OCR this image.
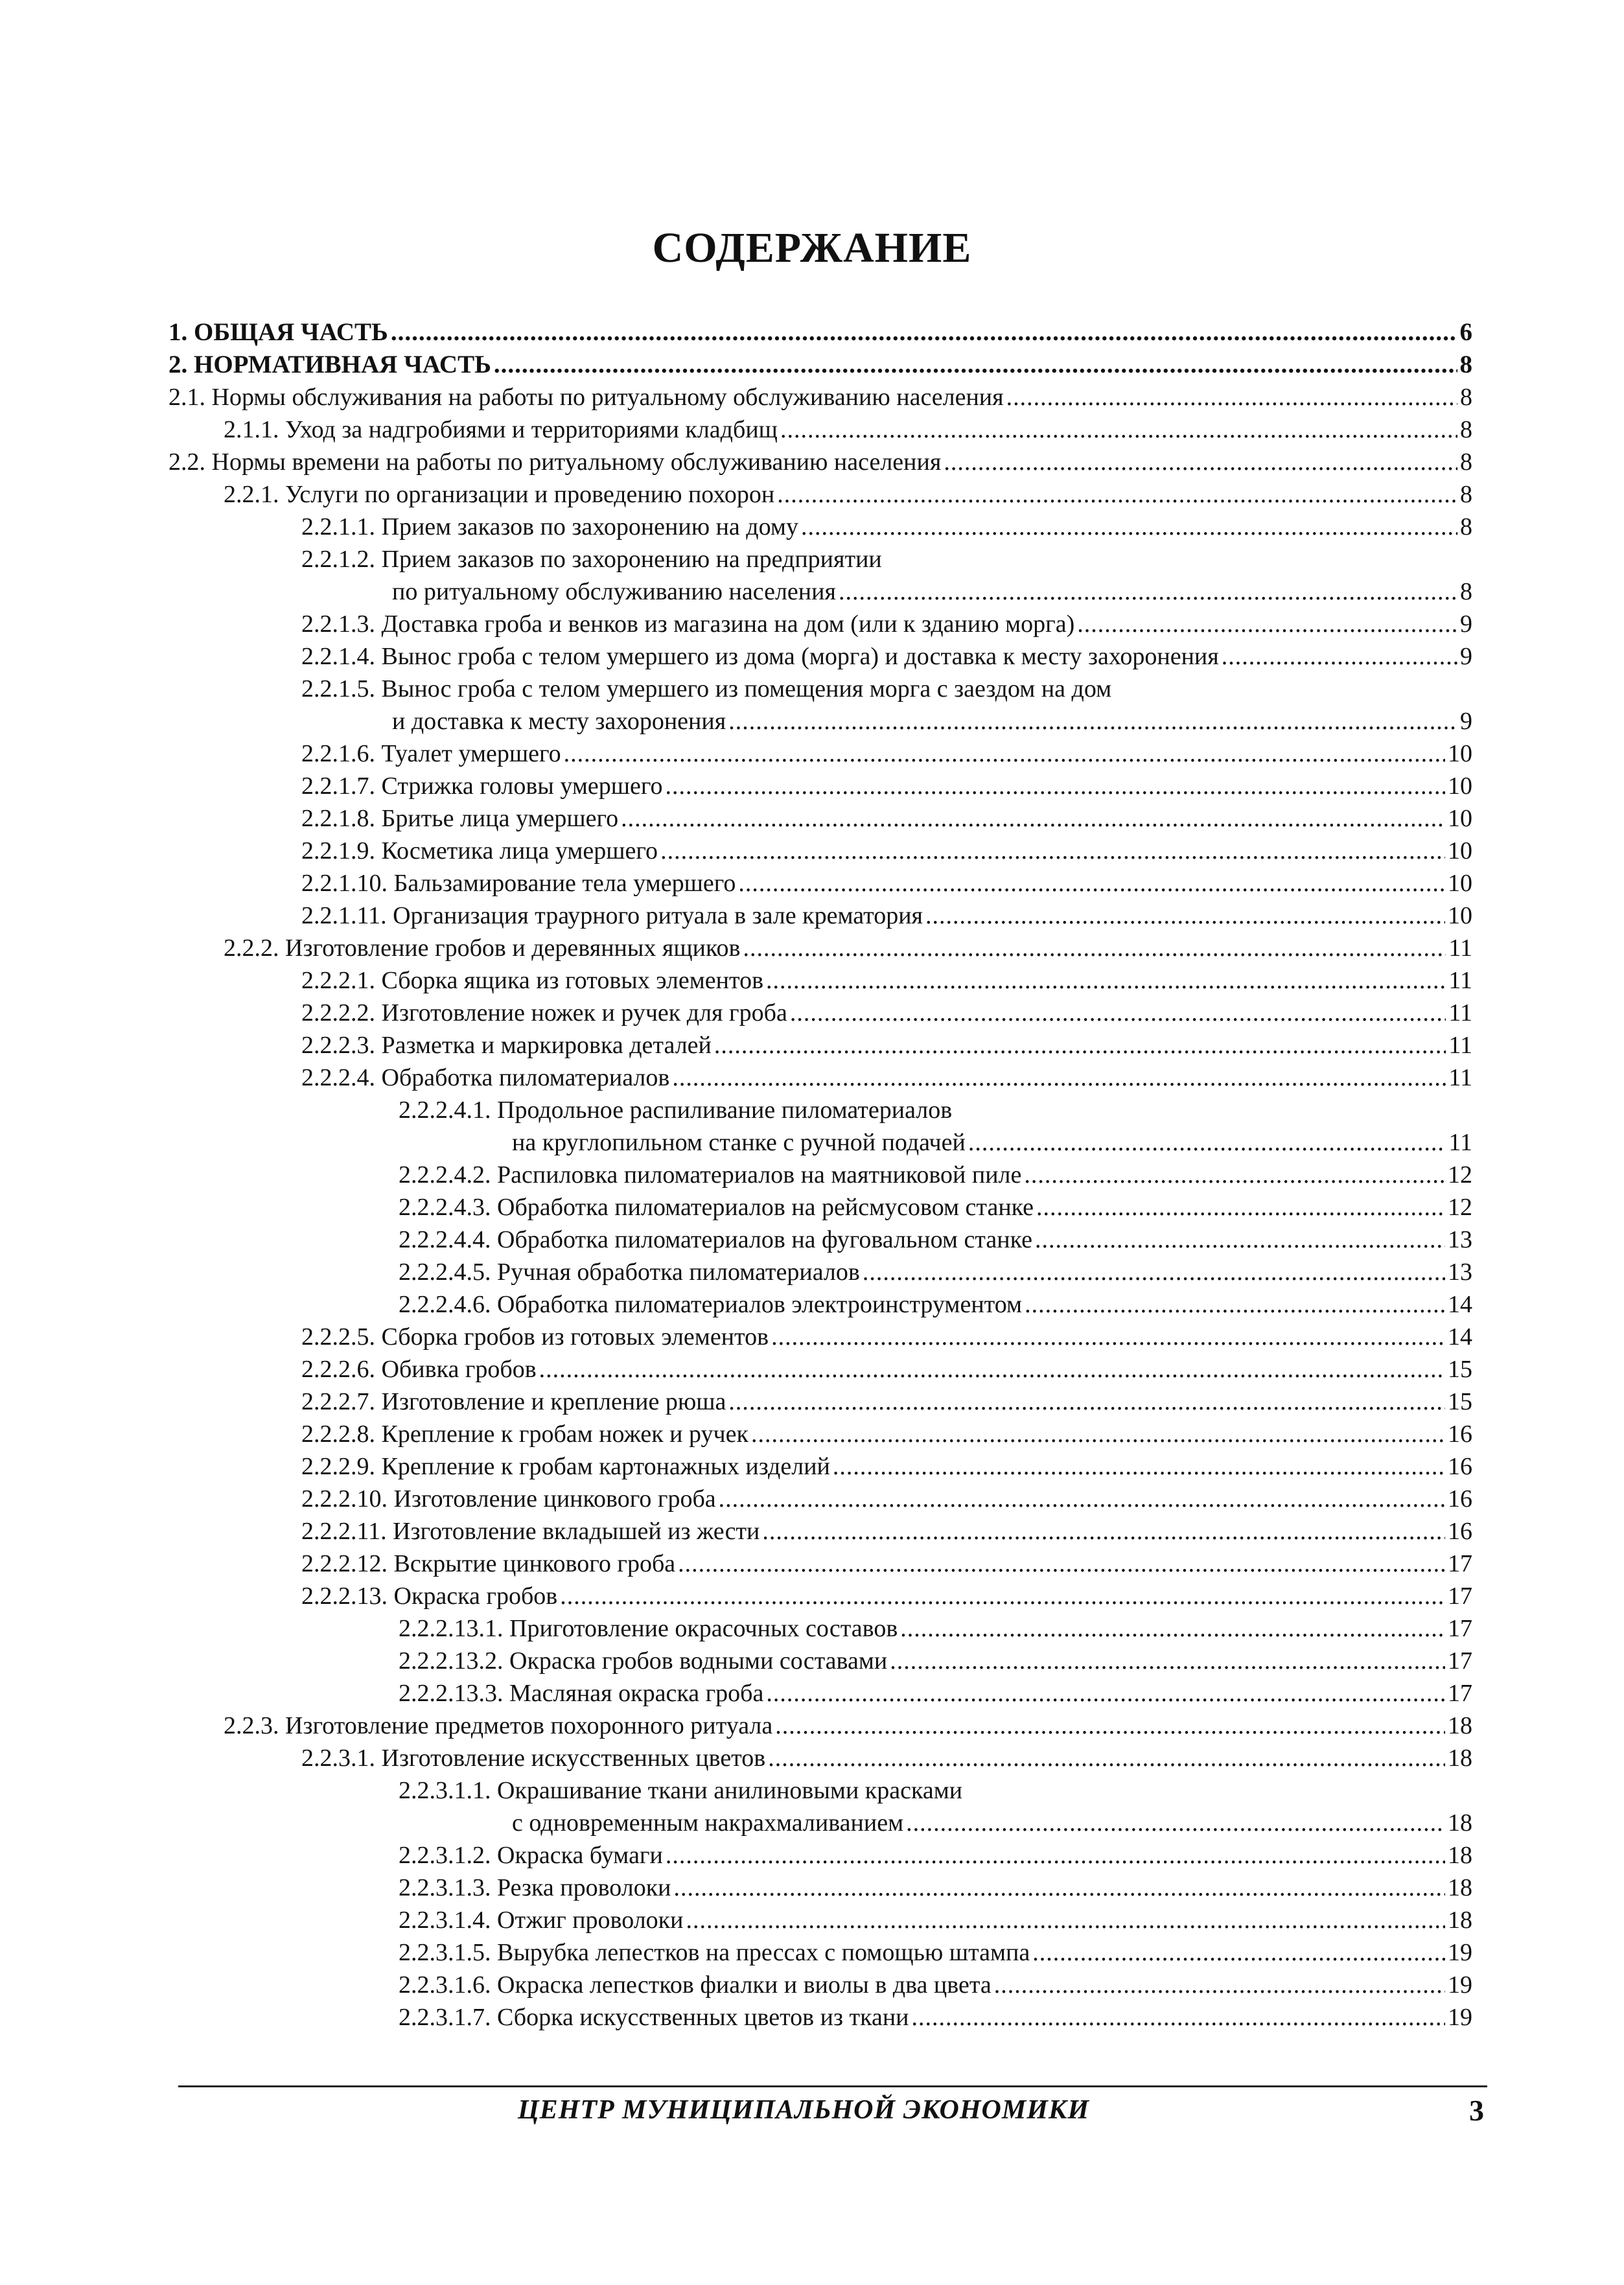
СОДЕРЖАНИЕ
1. ОБЩАЯ ЧАСТЬ .....	6
2. НОРМАТИВНАЯ ЧАСТЬ .....	8
2.1. Нормы обслуживания на работы по ритуальному обслуживанию населения .....	8
2.1.1. Уход за надгробиями и территориями кладбищ .....	8
2.2. Нормы времени на работы по ритуальному обслуживанию населения .....	8
2.2.1. Услуги по организации и проведению похорон .....	8
2.2.1.1. Прием заказов по захоронению на дому .....	8
2.2.1.2. Прием заказов по захоронению на предприятии
по ритуальному обслуживанию населения .....	8
2.2.1.3. Доставка гроба и венков из магазина на дом (или к зданию морга) .....	9
2.2.1.4. Вынос гроба с телом умершего из дома (морга) и доставка к месту захоронения .....	9
2.2.1.5. Вынос гроба с телом умершего из помещения морга с заездом на дом
и доставка к месту захоронения .....	9
2.2.1.6. Туалет умершего .....	10
2.2.1.7. Стрижка головы умершего .....	10
2.2.1.8. Бритье лица умершего .....	10
2.2.1.9. Косметика лица умершего .....	10
2.2.1.10. Бальзамирование тела умершего .....	10
2.2.1.11. Организация траурного ритуала в зале крематория .....	10
2.2.2. Изготовление гробов и деревянных ящиков .....	11
2.2.2.1. Сборка ящика из готовых элементов .....	11
2.2.2.2. Изготовление ножек и ручек для гроба .....	11
2.2.2.3. Разметка и маркировка деталей .....	11
2.2.2.4. Обработка пиломатериалов .....	11
2.2.2.4.1. Продольное распиливание пиломатериалов
на круглопильном станке с ручной подачей .....	11
2.2.2.4.2. Распиловка пиломатериалов на маятниковой пиле .....	12
2.2.2.4.3. Обработка пиломатериалов на рейсмусовом станке .....	12
2.2.2.4.4. Обработка пиломатериалов на фуговальном станке .....	13
2.2.2.4.5. Ручная обработка пиломатериалов .....	13
2.2.2.4.6. Обработка пиломатериалов электроинструментом .....	14
2.2.2.5. Сборка гробов из готовых элементов .....	14
2.2.2.6. Обивка гробов .....	15
2.2.2.7. Изготовление и крепление рюша .....	15
2.2.2.8. Крепление к гробам ножек и ручек .....	16
2.2.2.9. Крепление к гробам картонажных изделий .....	16
2.2.2.10. Изготовление цинкового гроба .....	16
2.2.2.11. Изготовление вкладышей из жести .....	16
2.2.2.12. Вскрытие цинкового гроба .....	17
2.2.2.13. Окраска гробов .....	17
2.2.2.13.1. Приготовление окрасочных составов .....	17
2.2.2.13.2. Окраска гробов водными составами .....	17
2.2.2.13.3. Масляная окраска гроба .....	17
2.2.3. Изготовление предметов похоронного ритуала .....	18
2.2.3.1. Изготовление искусственных цветов .....	18
2.2.3.1.1. Окрашивание ткани анилиновыми красками
с одновременным накрахмаливанием .....	18
2.2.3.1.2. Окраска бумаги .....	18
2.2.3.1.3. Резка проволоки .....	18
2.2.3.1.4. Отжиг проволоки .....	18
2.2.3.1.5. Вырубка лепестков на прессах с помощью штампа .....	19
2.2.3.1.6. Окраска лепестков фиалки и виолы в два цвета .....	19
2.2.3.1.7. Сборка искусственных цветов из ткани .....	19
ЦЕНТР МУНИЦИПАЛЬНОЙ ЭКОНОМИКИ	3
